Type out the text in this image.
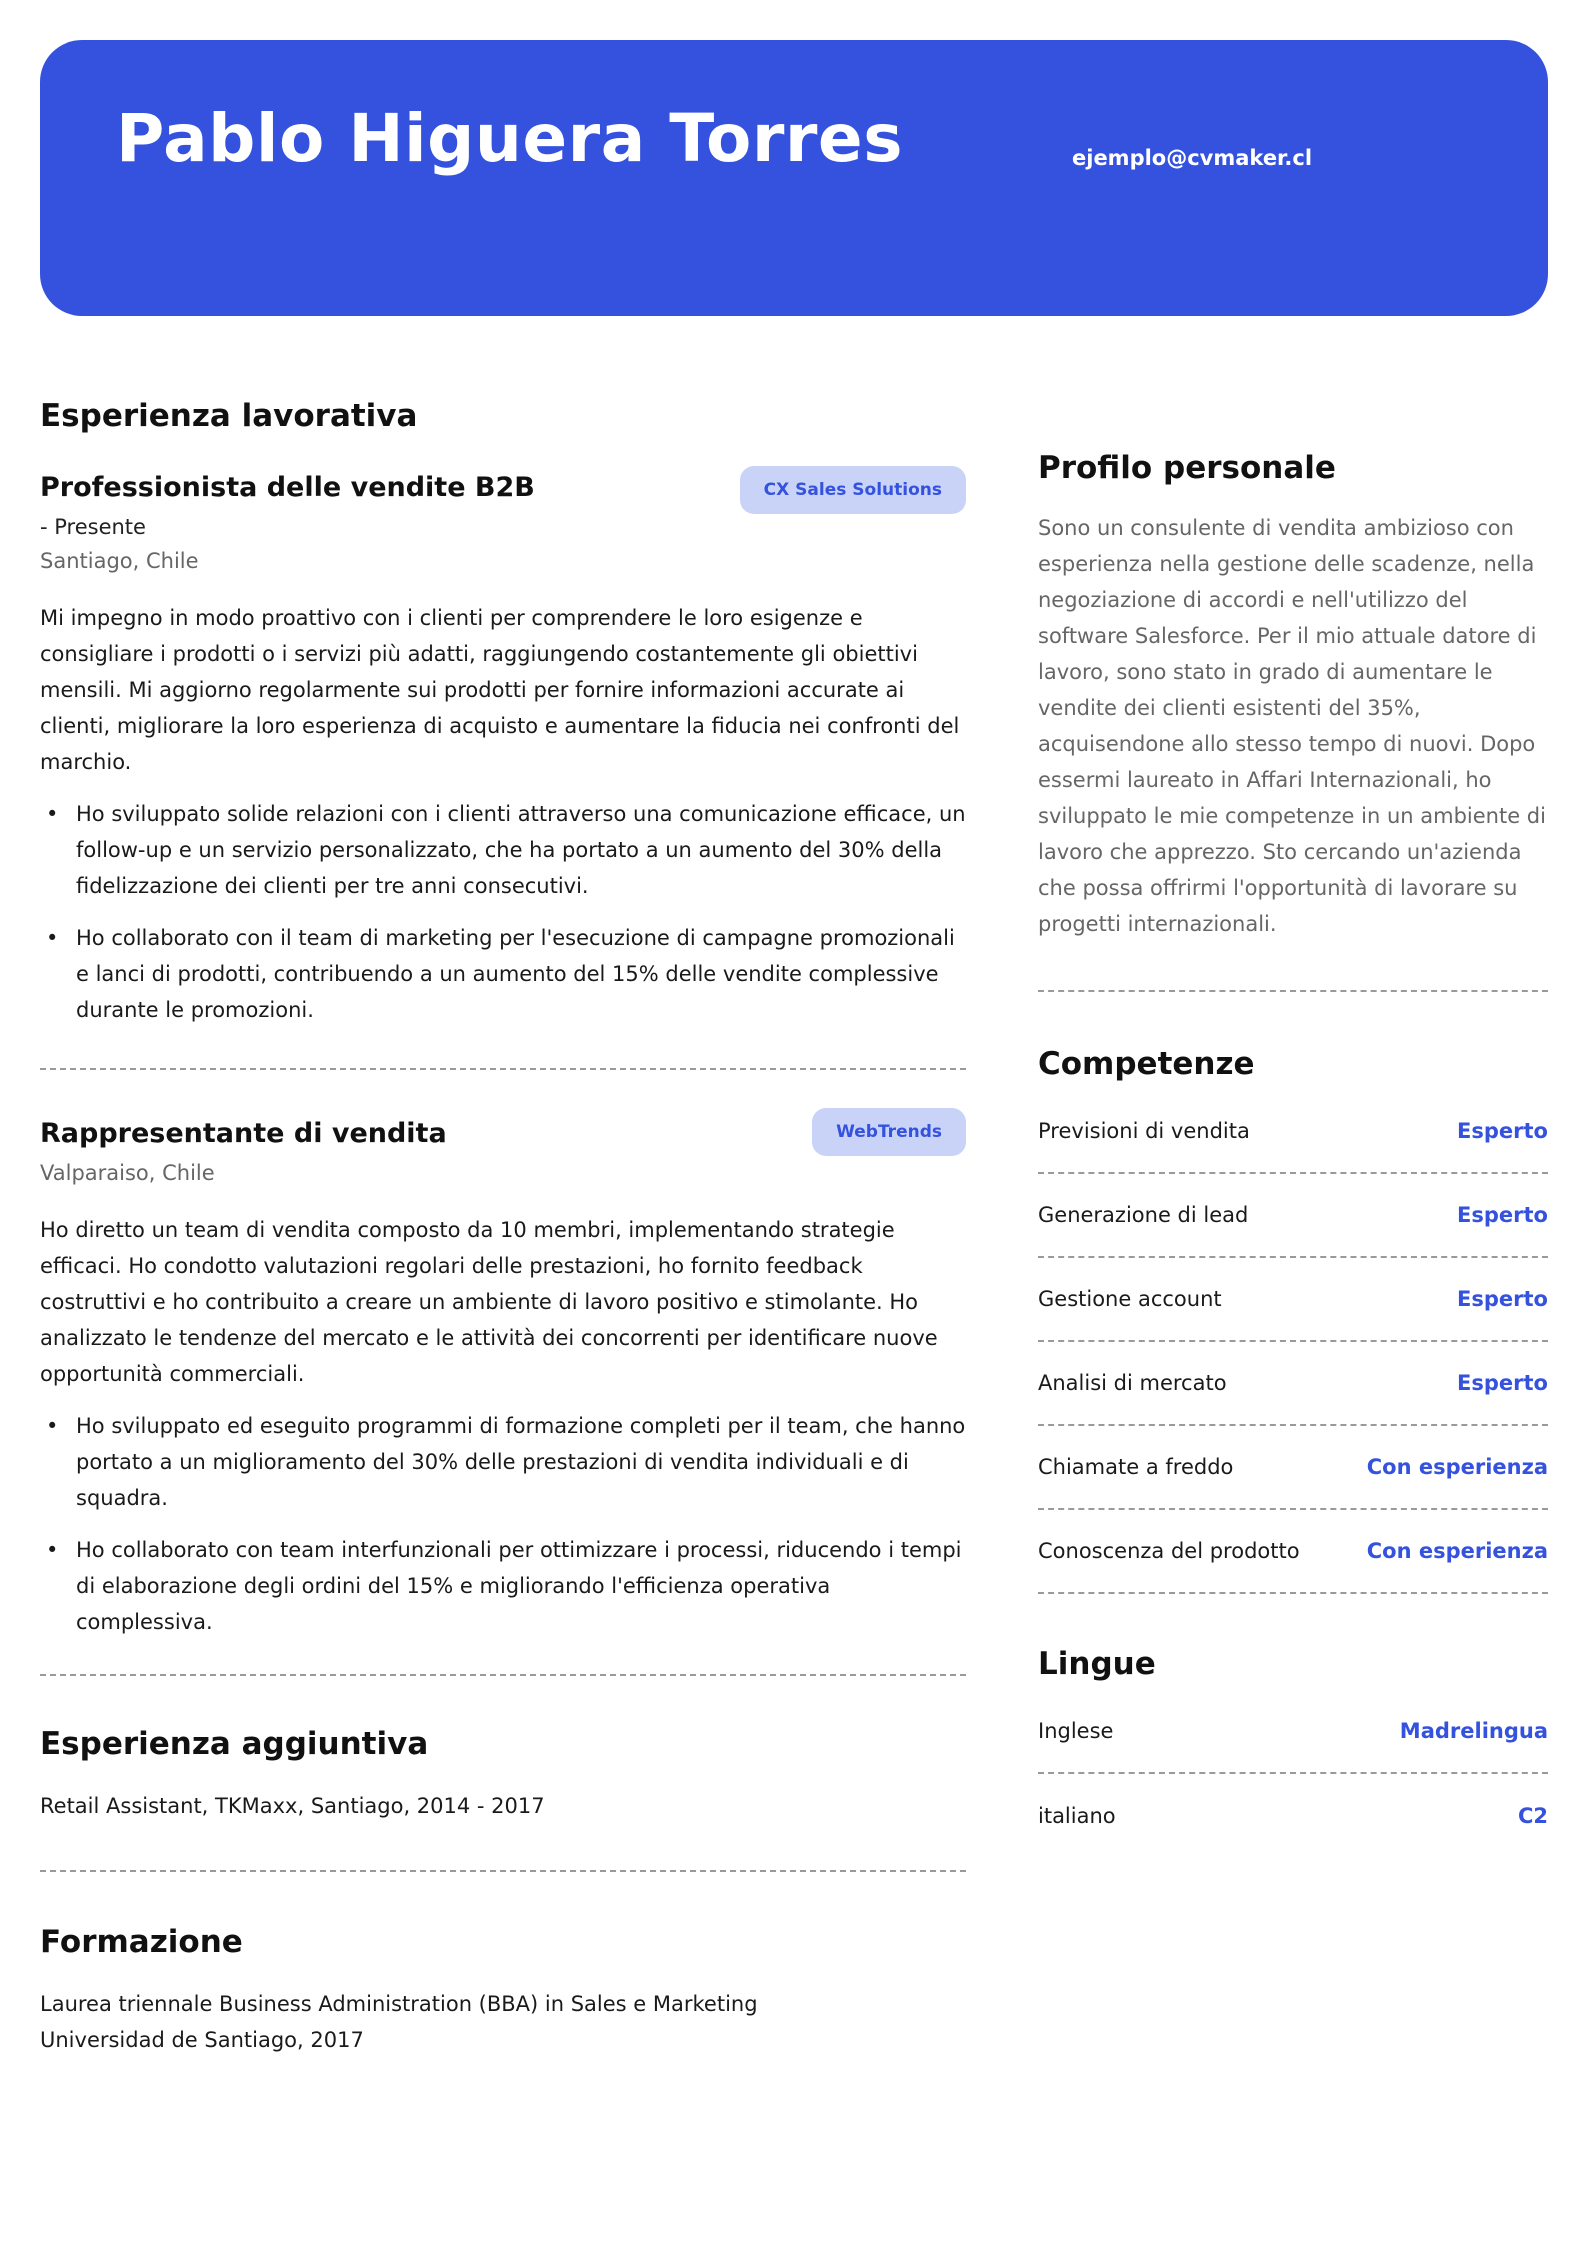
Pablo Higuera Torres	ejemplo@cvmaker.cl
Esperienza lavorativa
Professionista delle vendite B2B	CX Sales Solutions
- Presente
Santiago, Chile
Mi impegno in modo proattivo con i clienti per comprendere le loro esigenze e consigliare i prodotti o i servizi più adatti, raggiungendo costantemente gli obiettivi mensili. Mi aggiorno regolarmente sui prodotti per fornire informazioni accurate ai clienti, migliorare la loro esperienza di acquisto e aumentare la fiducia nei confronti del marchio.
• Ho sviluppato solide relazioni con i clienti attraverso una comunicazione efficace, un follow-up e un servizio personalizzato, che ha portato a un aumento del 30% della fidelizzazione dei clienti per tre anni consecutivi.
• Ho collaborato con il team di marketing per l'esecuzione di campagne promozionali e lanci di prodotti, contribuendo a un aumento del 15% delle vendite complessive durante le promozioni.
Rappresentante di vendita	WebTrends
Valparaiso, Chile
Ho diretto un team di vendita composto da 10 membri, implementando strategie efficaci. Ho condotto valutazioni regolari delle prestazioni, ho fornito feedback costruttivi e ho contribuito a creare un ambiente di lavoro positivo e stimolante. Ho analizzato le tendenze del mercato e le attività dei concorrenti per identificare nuove opportunità commerciali.
• Ho sviluppato ed eseguito programmi di formazione completi per il team, che hanno portato a un miglioramento del 30% delle prestazioni di vendita individuali e di squadra.
• Ho collaborato con team interfunzionali per ottimizzare i processi, riducendo i tempi di elaborazione degli ordini del 15% e migliorando l'efficienza operativa complessiva.
Esperienza aggiuntiva
Retail Assistant, TKMaxx, Santiago, 2014 - 2017
Formazione
Laurea triennale Business Administration (BBA) in Sales e Marketing
Universidad de Santiago, 2017
Profilo personale
Sono un consulente di vendita ambizioso con esperienza nella gestione delle scadenze, nella negoziazione di accordi e nell'utilizzo del software Salesforce. Per il mio attuale datore di lavoro, sono stato in grado di aumentare le vendite dei clienti esistenti del 35%, acquisendone allo stesso tempo di nuovi. Dopo essermi laureato in Affari Internazionali, ho sviluppato le mie competenze in un ambiente di lavoro che apprezzo. Sto cercando un'azienda che possa offrirmi l'opportunità di lavorare su progetti internazionali.
Competenze
Previsioni di vendita	Esperto
Generazione di lead	Esperto
Gestione account	Esperto
Analisi di mercato	Esperto
Chiamate a freddo	Con esperienza
Conoscenza del prodotto	Con esperienza
Lingue
Inglese	Madrelingua
italiano	C2
